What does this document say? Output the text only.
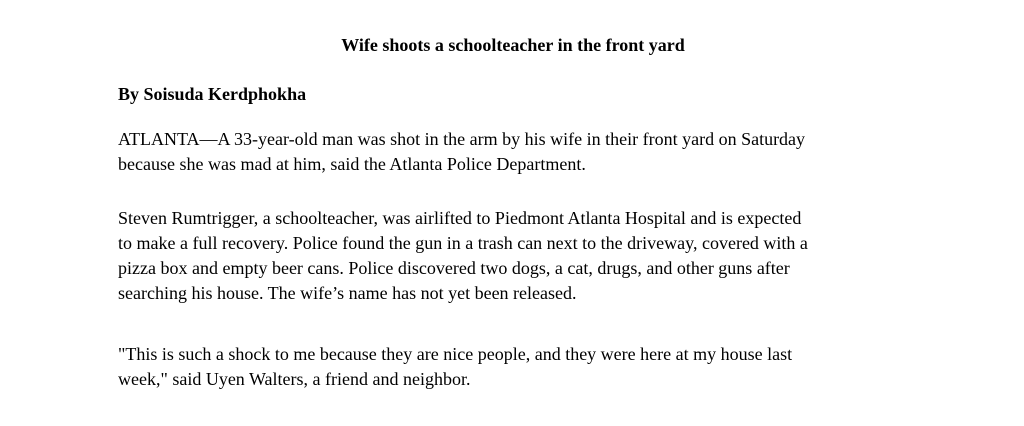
Wife shoots a schoolteacher in the front yard

By Soisuda Kerdphokha

ATLANTA—A 33-year-old man was shot in the arm by his wife in their front yard on Saturday
because she was mad at him, said the Atlanta Police Department.

Steven Rumtrigger, a schoolteacher, was airlifted to Piedmont Atlanta Hospital and is expected
to make a full recovery. Police found the gun in a trash can next to the driveway, covered with a
pizza box and empty beer cans. Police discovered two dogs, a cat, drugs, and other guns after
searching his house. The wife’s name has not yet been released.

"This is such a shock to me because they are nice people, and they were here at my house last
week," said Uyen Walters, a friend and neighbor.
